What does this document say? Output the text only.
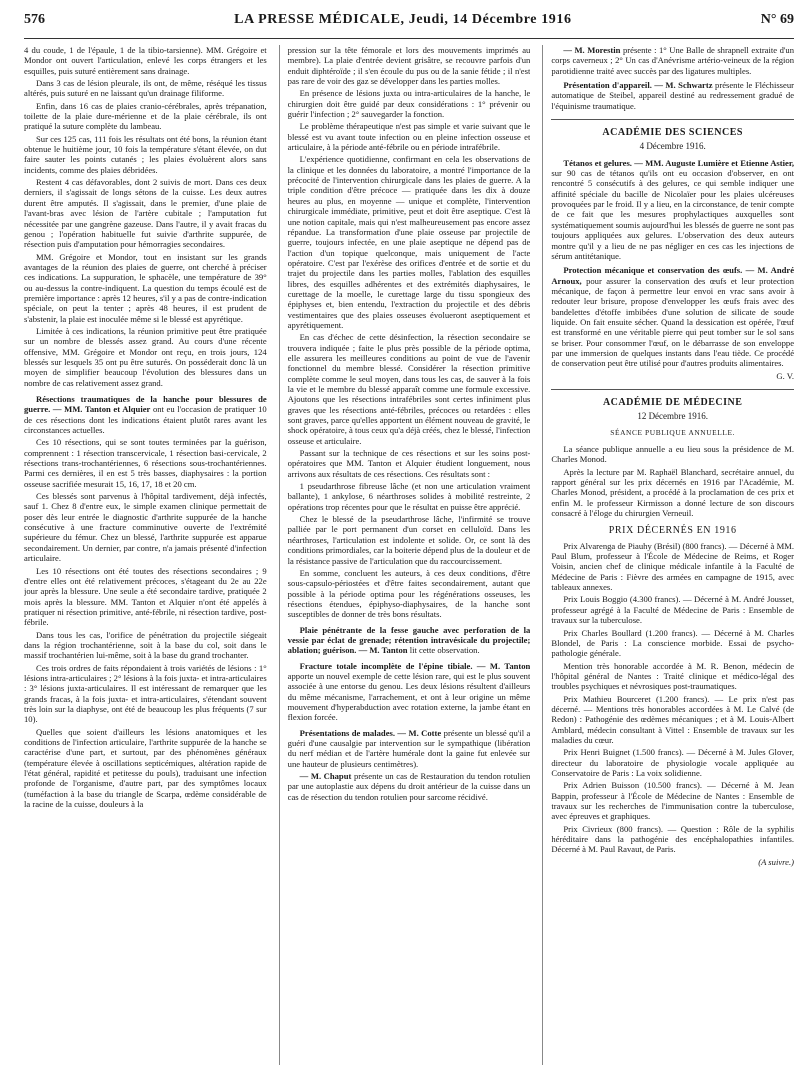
576	LA PRESSE MÉDICALE, Jeudi, 14 Décembre 1916	N° 69

4 du coude, 1 de l'épaule, 1 de la tibio-tarsienne). MM. Grégoire et Mondor ont ouvert l'articulation, enlevé les corps étrangers et les esquilles, puis suturé entièrement sans drainage.

Dans 3 cas de lésion pleurale, ils ont, de même, réséqué les tissus altérés, puis suturé en ne laissant qu'un drainage filiforme.

Enfin, dans 16 cas de plaies cranio-cérébrales, après trépanation, toilette de la plaie dure-mérienne et de la plaie cérébrale, ils ont pratiqué la suture complète du lambeau.

Sur ces 125 cas, 111 fois les résultats ont été bons, la réunion étant obtenue le huitième jour, 10 fois la température s'étant élevée, on dut faire sauter les points cutanés ; les plaies évoluèrent alors sans incidents, comme des plaies débridées.

Restent 4 cas défavorables, dont 2 suivis de mort. Dans ces deux derniers, il s'agissait de longs sétons de la cuisse. Les deux autres durent être amputés. Il s'agissait, dans le premier, d'une plaie de l'avant-bras avec lésion de l'artère cubitale ; l'amputation fut nécessitée par une gangrène gazeuse. Dans l'autre, il y avait fracas du genou ; l'opération habituelle fut suivie d'arthrite suppurée, de résection puis d'amputation pour hémorragies secondaires.

MM. Grégoire et Mondor, tout en insistant sur les grands avantages de la réunion des plaies de guerre, ont cherché à préciser ces indications. La suppuration, le sphacèle, une température de 39° ou au-dessus la contre-indiquent. La question du temps écoulé est de première importance : après 12 heures, s'il y a pas de contre-indication spéciale, on peut la tenter ; après 48 heures, il est prudent de s'abstenir, la plaie est inoculée même si le blessé est apyrétique.

Limitée à ces indications, la réunion primitive peut être pratiquée sur un nombre de blessés assez grand. Au cours d'une récente offensive, MM. Grégoire et Mondor ont reçu, en trois jours, 124 blessés sur lesquels 35 ont pu être suturés. On posséderait donc là un moyen de simplifier beaucoup l'évolution des blessures dans un nombre de cas relativement assez grand.

Résections traumatiques de la hanche pour blessures de guerre. — MM. Tanton et Alquier ont eu l'occasion de pratiquer 10 de ces résections dont les indications étaient plutôt rares avant les circonstances actuelles.

Ces 10 résections, qui se sont toutes terminées par la guérison, comprennent : 1 résection transcervicale, 1 résection basi-cervicale, 2 résections trans-trochantériennes, 6 résections sous-trochantériennes. Parmi ces dernières, il en est 5 très basses, diaphysaires : la portion osseuse sacrifiée mesurait 15, 16, 17, 18 et 20 cm.

Ces blessés sont parvenus à l'hôpital tardivement, déjà infectés, sauf 1. Chez 8 d'entre eux, le simple examen clinique permettait de poser dès leur entrée le diagnostic d'arthrite suppurée de la hanche consécutive à une fracture comminutive ouverte de l'extrémité supérieure du fémur. Chez un blessé, l'arthrite suppurée est apparue secondairement. Un dernier, par contre, n'a jamais présenté d'infection articulaire.

Les 10 résections ont été toutes des résections secondaires ; 9 d'entre elles ont été relativement précoces, s'étageant du 2e au 22e jour après la blessure. Une seule a été secondaire tardive, pratiquée 2 mois après la blessure. MM. Tanton et Alquier n'ont été appelés à pratiquer ni résection primitive, anté-fébrile, ni résection tardive, post-fébrile.

Dans tous les cas, l'orifice de pénétration du projectile siégeait dans la région trochantérienne, soit à la base du col, soit dans le massif trochantérien lui-même, soit à la base du grand trochanter.

Ces trois ordres de faits répondaient à trois variétés de lésions : 1° lésions intra-articulaires ; 2° lésions à la fois juxta- et intra-articulaires : 3° lésions juxta-articulaires. Il est intéressant de remarquer que les grands fracas, à la fois juxta- et intra-articulaires, s'étendant souvent très loin sur la diaphyse, ont été de beaucoup les plus fréquents (7 sur 10).

Quelles que soient d'ailleurs les lésions anatomiques et les conditions de l'infection articulaire, l'arthrite suppurée de la hanche se caractérise d'une part, et surtout, par des phénomènes généraux (température élevée à oscillations septicémiques, altération rapide de l'état général, rapidité et petitesse du pouls), traduisant une infection profonde de l'organisme, d'autre part, par des symptômes locaux (tuméfaction à la base du triangle de Scarpa, œdème considérable de la racine de la cuisse, douleurs à la

pression sur la tête fémorale et lors des mouvements imprimés au membre). La plaie d'entrée devient grisâtre, se recouvre parfois d'un enduit diphtéroïde ; il s'en écoule du pus ou de la sanie fétide ; il n'est pas rare de voir des gaz se développer dans les parties molles.

En présence de lésions juxta ou intra-articulaires de la hanche, le chirurgien doit être guidé par deux considérations : 1° prévenir ou guérir l'infection ; 2° sauvegarder la fonction.

Le problème thérapeutique n'est pas simple et varie suivant que le blessé est vu avant toute infection ou en pleine infection osseuse et articulaire, à la période anté-fébrile ou en période intrafébrile.

L'expérience quotidienne, confirmant en cela les observations de la clinique et les données du laboratoire, a montré l'importance de la précocité de l'intervention chirurgicale dans les plaies de guerre. A la triple condition d'être précoce — pratiquée dans les dix à douze heures au plus, en moyenne — unique et complète, l'intervention chirurgicale immédiate, primitive, peut et doit être aseptique. C'est là une notion capitale, mais qui n'est malheureusement pas encore assez répandue. La transformation d'une plaie osseuse par projectile de guerre, toujours infectée, en une plaie aseptique ne dépend pas de l'action d'un topique quelconque, mais uniquement de l'acte opératoire. C'est par l'exérèse des orifices d'entrée et de sortie et du trajet du projectile dans les parties molles, l'ablation des esquilles libres, des esquilles adhérentes et des extrémités diaphysaires, le curettage de la moelle, le curettage large du tissu spongieux des épiphyses et, bien entendu, l'extraction du projectile et des débris vestimentaires que des plaies osseuses évolueront aseptiquement et apyrétiquement.

En cas d'échec de cette désinfection, la résection secondaire se trouvera indiquée ; faite le plus près possible de la période optima, elle assurera les meilleures conditions au point de vue de l'avenir fonctionnel du membre blessé. Considérer la résection primitive complète comme le seul moyen, dans tous les cas, de sauver à la fois la vie et le membre du blessé apparaît comme une formule excessive. Ajoutons que les résections intrafébriles sont certes infiniment plus graves que les résections anté-fébriles, précoces ou retardées : elles sont graves, parce qu'elles apportent un élément nouveau de gravité, le shock opératoire, à tous ceux qu'a déjà créés, chez le blessé, l'infection osseuse et articulaire.

Passant sur la technique de ces résections et sur les soins post-opératoires que MM. Tanton et Alquier étudient longuement, nous arrivons aux résultats de ces résections. Ces résultats sont :

1 pseudarthrose fibreuse lâche (et non une articulation vraiment ballante), 1 ankylose, 6 néarthroses solides à mobilité restreinte, 2 opérations trop récentes pour que le résultat en puisse être apprécié.

Chez le blessé de la pseudarthrose lâche, l'infirmité se trouve palliée par le port permanent d'un corset en celluloïd. Dans les néarthroses, l'articulation est indolente et solide. Or, ce sont là des conditions primordiales, car la boiterie dépend plus de la douleur et de la résistance passive de l'articulation que du raccourcissement.

En somme, concluent les auteurs, à ces deux conditions, d'être sous-capsulo-périostées et d'être faites secondairement, autant que possible à la période optima pour les régénérations osseuses, les résections étendues, épiphyso-diaphysaires, de la hanche sont susceptibles de donner de très bons résultats.

Plaie pénétrante de la fesse gauche avec perforation de la vessie par éclat de grenade; rétention intravésicale du projectile; ablation; guérison. — M. Tanton lit cette observation.

Fracture totale incomplète de l'épine tibiale. — M. Tanton apporte un nouvel exemple de cette lésion rare, qui est le plus souvent associée à une entorse du genou. Les deux lésions résultent d'ailleurs du même mécanisme, l'arrachement, et ont à leur origine un même mouvement d'hyperabduction avec rotation externe, la jambe étant en flexion forcée.

Présentations de malades. — M. Cotte présente un blessé qu'il a guéri d'une causalgie par intervention sur le sympathique (libération du nerf médian et de l'artère humérale dont la gaine fut enlevée sur une hauteur de plusieurs centimètres).

— M. Chaput présente un cas de Restauration du tendon rotulien par une autoplastie aux dépens du droit antérieur de la cuisse dans un cas de résection du tendon rotulien pour sarcome récidivé.

— M. Morestin présente : 1° Une Balle de shrapnell extraite d'un corps caverneux ; 2° Un cas d'Anévrisme artério-veineux de la région parotidienne traité avec succès par des ligatures multiples.

Présentation d'appareil. — M. Schwartz présente le Fléchisseur automatique de Steibel, appareil destiné au redressement gradué de l'équinisme traumatique.

ACADÉMIE DES SCIENCES
4 Décembre 1916.

Tétanos et gelures. — MM. Auguste Lumière et Etienne Astier, sur 90 cas de tétanos qu'ils ont eu occasion d'observer, en ont rencontré 5 consécutifs à des gelures, ce qui semble indiquer une affinité spéciale du bacille de Nicolaïer pour les plaies ulcéreuses provoquées par le froid. Il y a lieu, en la circonstance, de tenir compte de ce fait que les mesures prophylactiques auxquelles sont systématiquement soumis aujourd'hui les blessés de guerre ne sont pas toujours appliquées aux gelures. L'observation des deux auteurs montre qu'il y a lieu de ne pas négliger en ces cas les injections de sérum antitétanique.

Protection mécanique et conservation des œufs. — M. André Arnoux, pour assurer la conservation des œufs et leur protection mécanique, de façon à permettre leur envoi en vrac sans avoir à redouter leur brisure, propose d'envelopper les œufs frais avec des bandelettes d'étoffe imbibées d'une solution de silicate de soude liquide. On fait ensuite sécher. Quand la dessication est opérée, l'œuf est transformé en une véritable pierre qui peut tomber sur le sol sans se briser. Pour consommer l'œuf, on le débarrasse de son enveloppe par une immersion de quelques instants dans l'eau tiède. Ce procédé de conservation peut être utilisé pour d'autres produits alimentaires.

G. V.

ACADÉMIE DE MÉDECINE
12 Décembre 1916.
SÉANCE PUBLIQUE ANNUELLE.

La séance publique annuelle a eu lieu sous la présidence de M. Charles Monod.

Après la lecture par M. Raphaël Blanchard, secrétaire annuel, du rapport général sur les prix décernés en 1916 par l'Académie, M. Charles Monod, président, a procédé à la proclamation de ces prix et enfin M. le professeur Kirmisson a donné lecture de son discours consacré à l'éloge du chirurgien Verneuil.

PRIX DÉCERNÉS EN 1916

Prix Alvarenga de Piauhy (Brésil) (800 francs). — Décerné à MM. Paul Blum, professeur à l'École de Médecine de Reims, et Roger Voisin, ancien chef de clinique médicale infantile à la Faculté de Médecine de Paris : Fièvre des armées en campagne de 1915, avec tableaux annexes.

Prix Louis Boggio (4.300 francs). — Décerné à M. André Jousset, professeur agrégé à la Faculté de Médecine de Paris : Ensemble de travaux sur la tuberculose.

Prix Charles Boullard (1.200 francs). — Décerné à M. Charles Blondel, de Paris : La conscience morbide. Essai de psycho-pathologie générale.

Mention très honorable accordée à M. R. Benon, médecin de l'hôpital général de Nantes : Traité clinique et médico-légal des troubles psychiques et névrosiques post-traumatiques.

Prix Mathieu Bourceret (1.200 francs). — Le prix n'est pas décerné. — Mentions très honorables accordées à M. Le Calvé (de Redon) : Pathogénie des œdèmes mécaniques ; et à M. Louis-Albert Amblard, médecin consultant à Vittel : Ensemble de travaux sur les maladies du cœur.

Prix Henri Buignet (1.500 francs). — Décerné à M. Jules Glover, directeur du laboratoire de physiologie vocale appliquée au Conservatoire de Paris : La voix solidienne.

Prix Adrien Buisson (10.500 francs). — Décerné à M. Jean Bappin, professeur à l'École de Médecine de Nantes : Ensemble de travaux sur les recherches de l'immunisation contre la tuberculose, avec épreuves et graphiques.

Prix Civrieux (800 francs). — Question : Rôle de la syphilis héréditaire dans la pathogénie des encéphalopathies infantiles. Décerné à M. Paul Ravaut, de Paris.

(A suivre.)
